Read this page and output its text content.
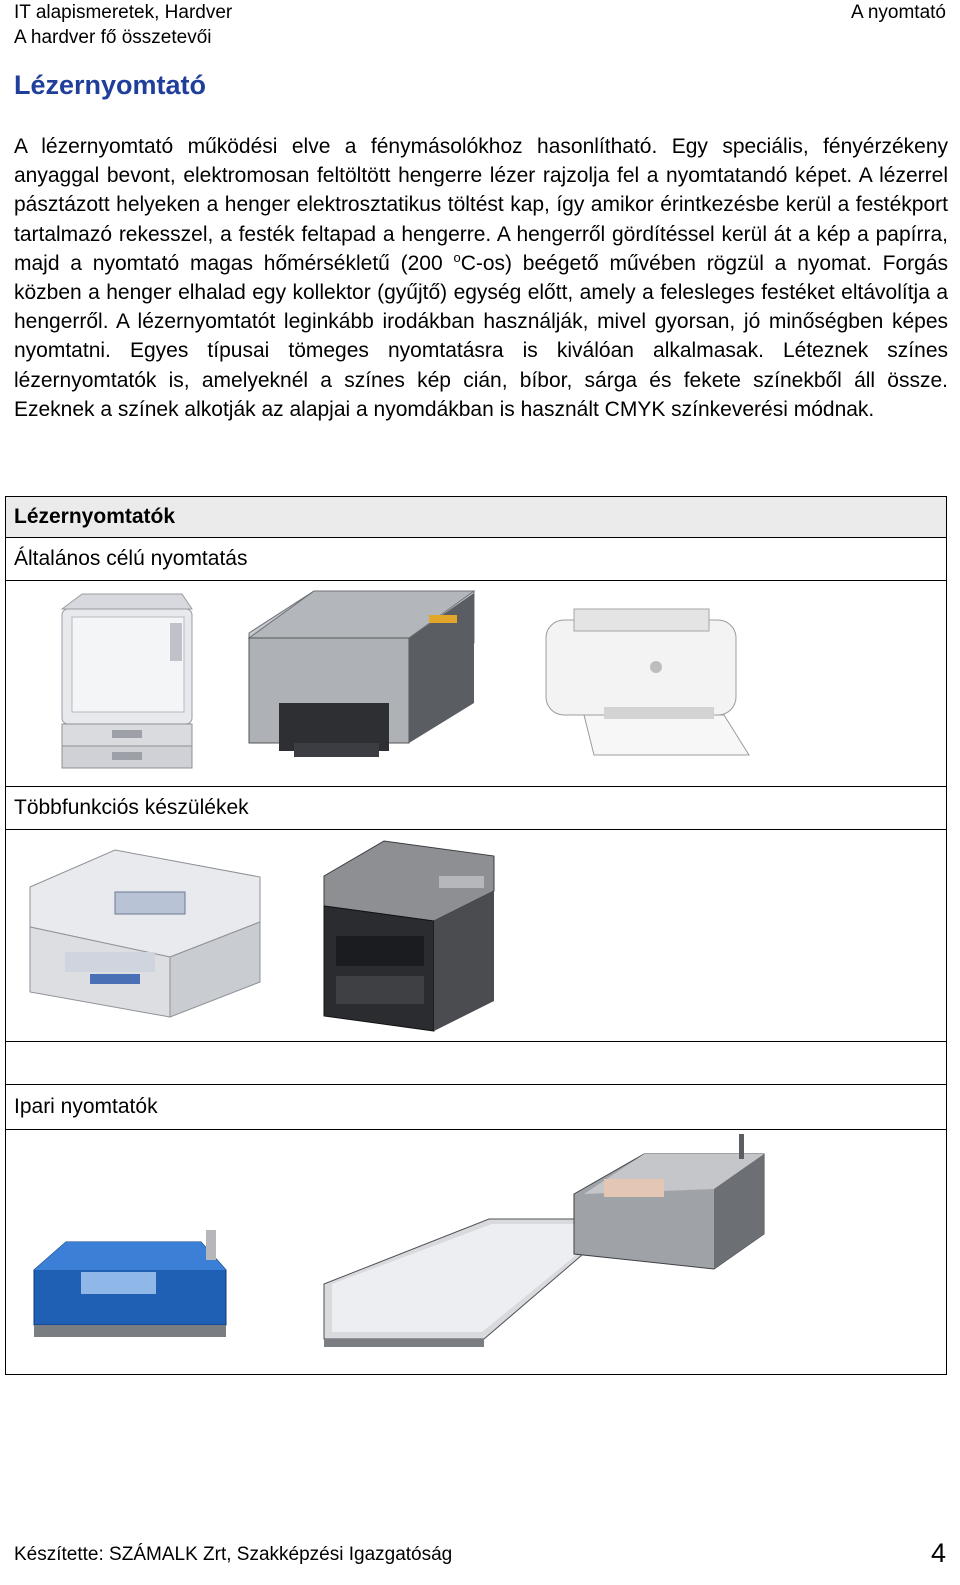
IT alapismeretek, Hardver
A hardver fő összetevői
A nyomtató
Lézernyomtató
A lézernyomtató működési elve a fénymásolókhoz hasonlítható. Egy speciális, fényérzékeny anyaggal bevont, elektromosan feltöltött hengerre lézer rajzolja fel a nyomtatandó képet. A lézerrel pásztázott helyeken a henger elektrosztatikus töltést kap, így amikor érintkezésbe kerül a festékport tartalmazó rekesszel, a festék feltapad a hengerre. A hengerről gördítéssel kerül át a kép a papírra, majd a nyomtató magas hőmérsékletű (200 $^o$C-os) beégető művében rögzül a nyomat. Forgás közben a henger elhalad egy kollektor (gyűjtő) egység előtt, amely a felesleges festéket eltávolítja a hengerről. A lézernyomtatót leginkább irodákban használják, mivel gyorsan, jó minőségben képes nyomtatni. Egyes típusai tömeges nyomtatásra is kiválóan alkalmasak. Léteznek színes lézernyomtatók is, amelyeknél a színes kép cián, bíbor, sárga és fekete színekből áll össze. Ezeknek a színek alkotják az alapjai a nyomdákban is használt CMYK színkeverési módnak.
Lézernyomtatók
Általános célú nyomtatás

Többfunkciós készülékek

Ipari nyomtatók

Készítette: SZÁMALK Zrt, Szakképzési Igazgatóság	4
